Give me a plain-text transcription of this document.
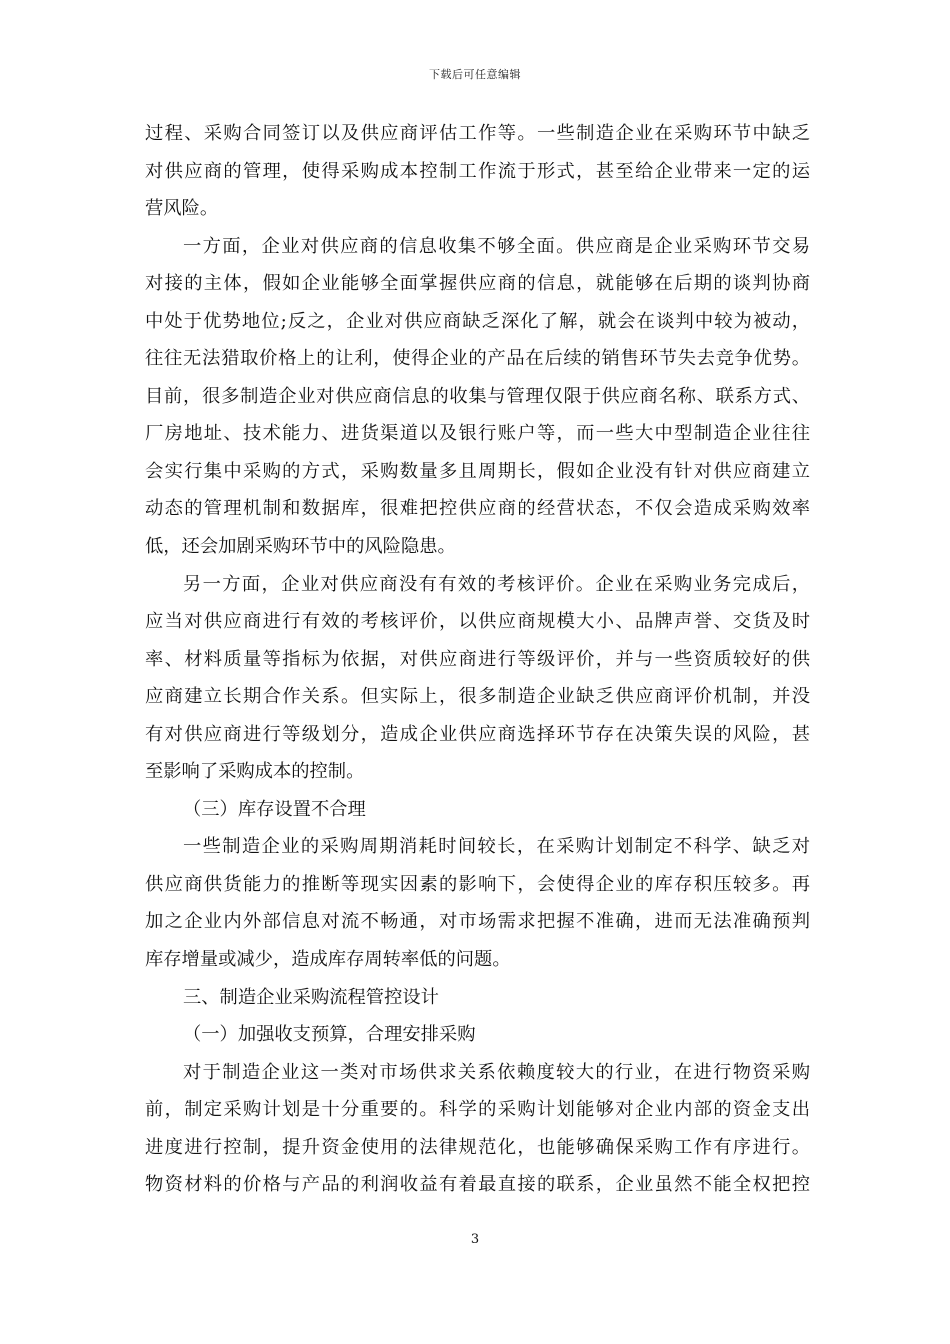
下载后可任意编辑
过程、采购合同签订以及供应商评估工作等。一些制造企业在采购环节中缺乏
对供应商的管理，使得采购成本控制工作流于形式，甚至给企业带来一定的运
营风险。
一方面，企业对供应商的信息收集不够全面。供应商是企业采购环节交易
对接的主体，假如企业能够全面掌握供应商的信息，就能够在后期的谈判协商
中处于优势地位;反之，企业对供应商缺乏深化了解，就会在谈判中较为被动，
往往无法猎取价格上的让利，使得企业的产品在后续的销售环节失去竞争优势。
目前，很多制造企业对供应商信息的收集与管理仅限于供应商名称、联系方式、
厂房地址、技术能力、进货渠道以及银行账户等，而一些大中型制造企业往往
会实行集中采购的方式，采购数量多且周期长，假如企业没有针对供应商建立
动态的管理机制和数据库，很难把控供应商的经营状态，不仅会造成采购效率
低，还会加剧采购环节中的风险隐患。
另一方面，企业对供应商没有有效的考核评价。企业在采购业务完成后，
应当对供应商进行有效的考核评价，以供应商规模大小、品牌声誉、交货及时
率、材料质量等指标为依据，对供应商进行等级评价，并与一些资质较好的供
应商建立长期合作关系。但实际上，很多制造企业缺乏供应商评价机制，并没
有对供应商进行等级划分，造成企业供应商选择环节存在决策失误的风险，甚
至影响了采购成本的控制。
（三）库存设置不合理
一些制造企业的采购周期消耗时间较长，在采购计划制定不科学、缺乏对
供应商供货能力的推断等现实因素的影响下，会使得企业的库存积压较多。再
加之企业内外部信息对流不畅通，对市场需求把握不准确，进而无法准确预判
库存增量或减少，造成库存周转率低的问题。
三、制造企业采购流程管控设计
（一）加强收支预算，合理安排采购
对于制造企业这一类对市场供求关系依赖度较大的行业，在进行物资采购
前，制定采购计划是十分重要的。科学的采购计划能够对企业内部的资金支出
进度进行控制，提升资金使用的法律规范化，也能够确保采购工作有序进行。
物资材料的价格与产品的利润收益有着最直接的联系，企业虽然不能全权把控
3
